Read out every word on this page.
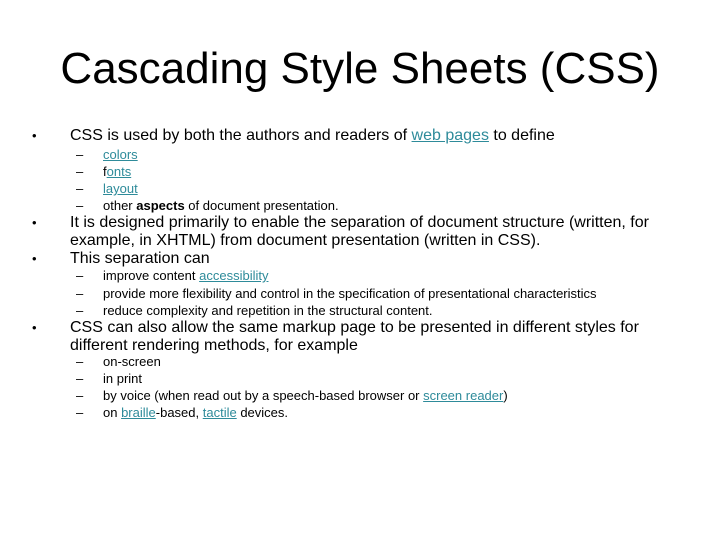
Cascading Style Sheets (CSS)
• CSS is used by both the authors and readers of web pages to define
– colors
– fonts
– layout
– other aspects of document presentation.
• It is designed primarily to enable the separation of document structure (written, for example, in XHTML) from document presentation (written in CSS).
• This separation can
– improve content accessibility
– provide more flexibility and control in the specification of presentational characteristics
– reduce complexity and repetition in the structural content.
• CSS can also allow the same markup page to be presented in different styles for different rendering methods, for example
– on-screen
– in print
– by voice (when read out by a speech-based browser or screen reader)
– on braille-based, tactile devices.
